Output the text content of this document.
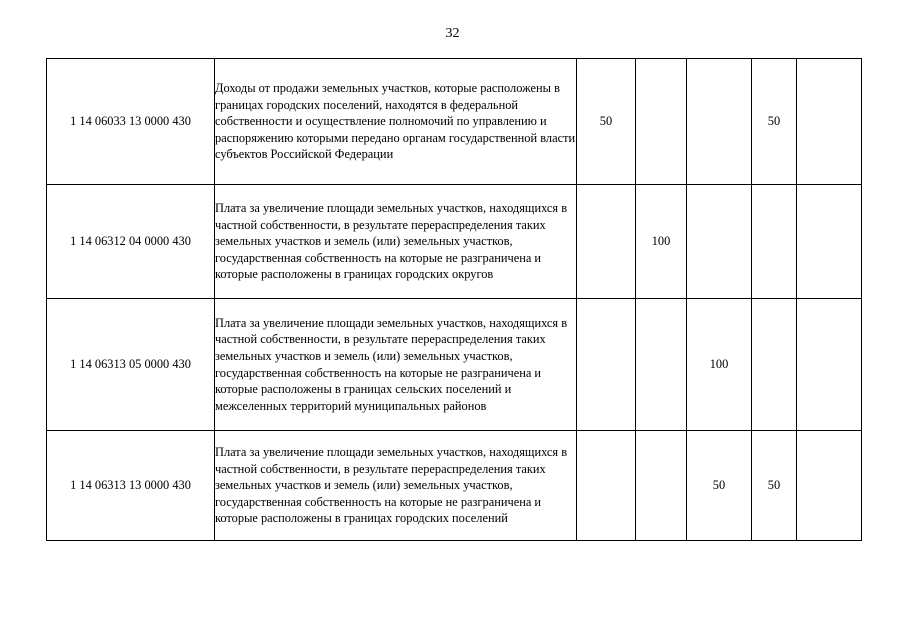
32
1 14 06033 13 0000 430	Доходы от продажи земельных участков, которые расположены в границах городских поселений, находятся в федеральной собственности и осуществление полномочий по управлению и распоряжению которыми передано органам государственной власти субъектов Российской Федерации	50			50	
1 14 06312 04 0000 430	Плата за увеличение площади земельных участков, находящихся в частной собственности, в результате перераспределения таких земельных участков и земель (или) земельных участков, государственная собственность на которые не разграничена и которые расположены в границах городских округов		100			
1 14 06313 05 0000 430	Плата за увеличение площади земельных участков, находящихся в частной собственности, в результате перераспределения таких земельных участков и земель (или) земельных участков, государственная собственность на которые не разграничена и которые расположены в границах сельских поселений и межселенных территорий муниципальных районов			100		
1 14 06313 13 0000 430	Плата за увеличение площади земельных участков, находящихся в частной собственности, в результате перераспределения таких земельных участков и земель (или) земельных участков, государственная собственность на которые не разграничена и которые расположены в границах городских поселений			50	50	
